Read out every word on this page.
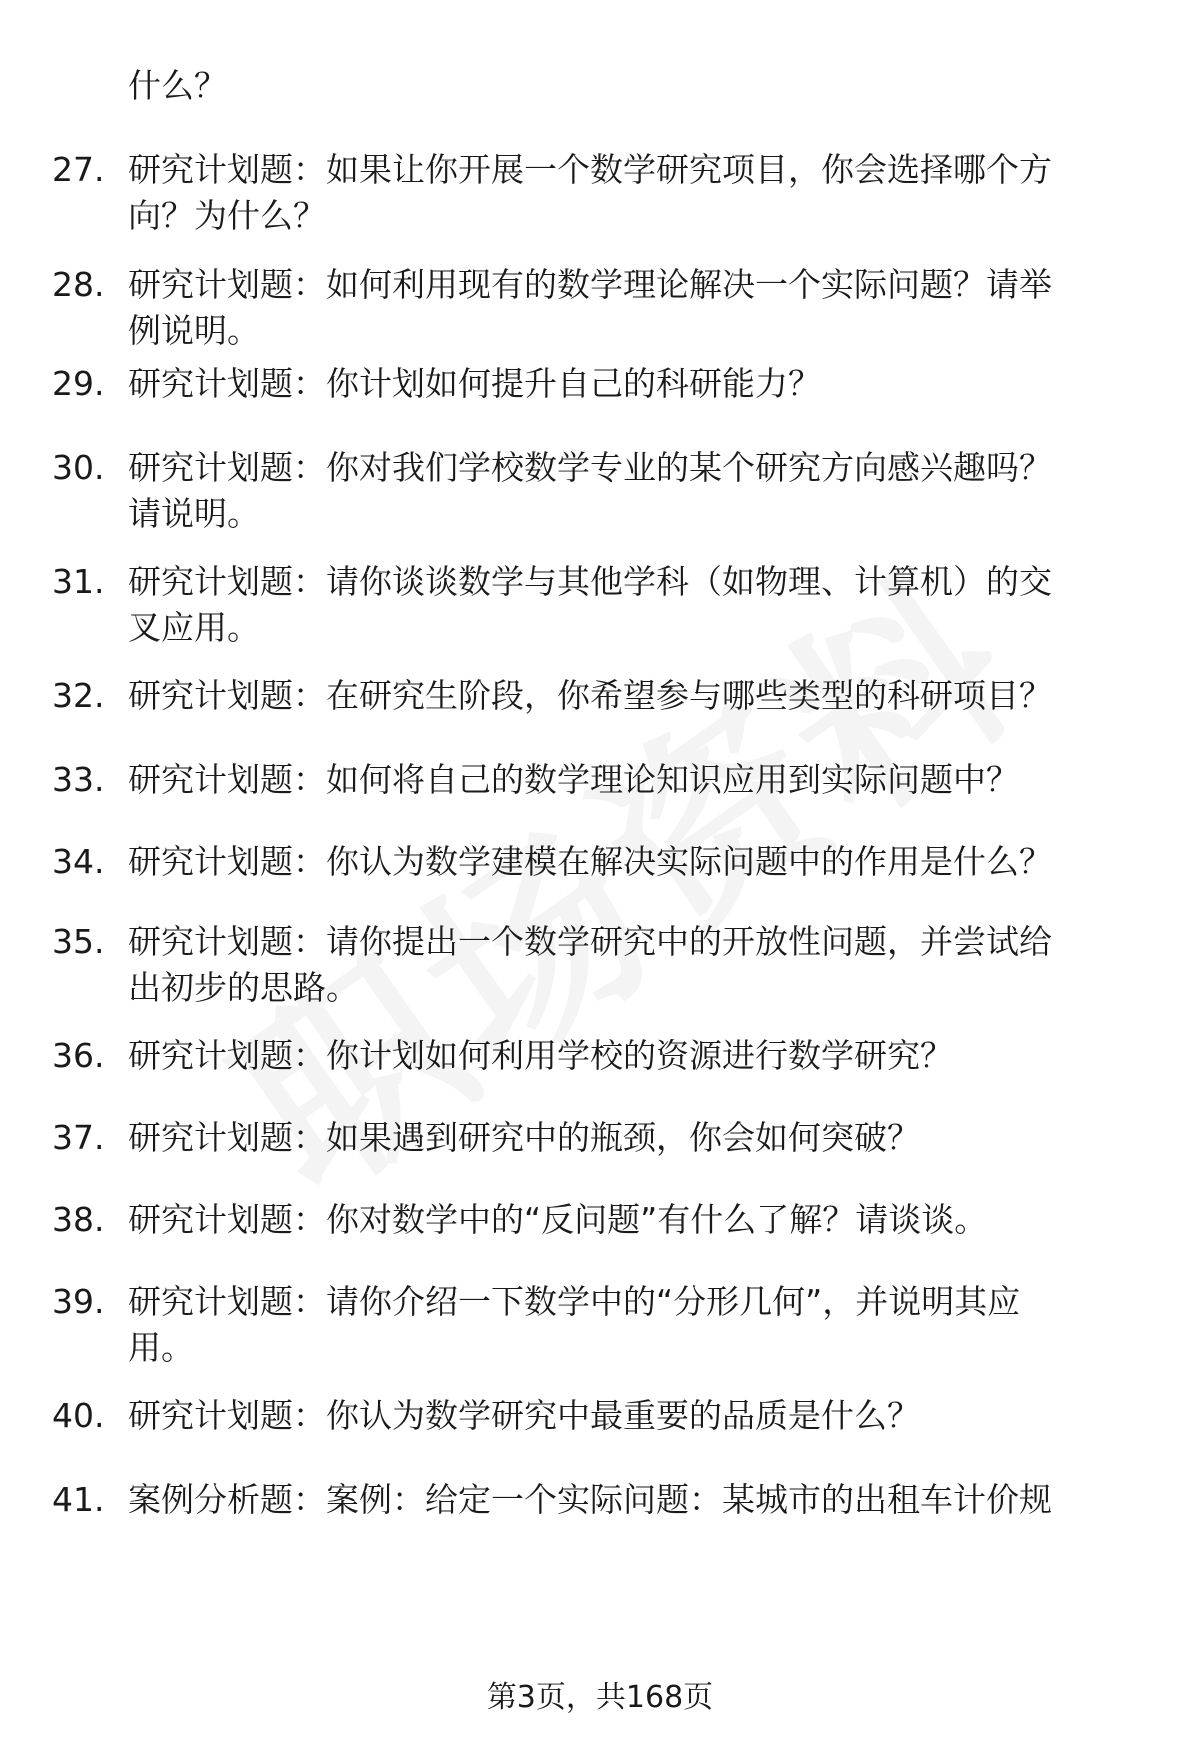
什么？
27. 研究计划题：如果让你开展一个数学研究项目，你会选择哪个方
向？为什么？
28. 研究计划题：如何利用现有的数学理论解决一个实际问题？请举
例说明。
29. 研究计划题：你计划如何提升自己的科研能力？
30. 研究计划题：你对我们学校数学专业的某个研究方向感兴趣吗？
请说明。
31. 研究计划题：请你谈谈数学与其他学科（如物理、计算机）的交
叉应用。
32. 研究计划题：在研究生阶段，你希望参与哪些类型的科研项目？
33. 研究计划题：如何将自己的数学理论知识应用到实际问题中？
34. 研究计划题：你认为数学建模在解决实际问题中的作用是什么？
35. 研究计划题：请你提出一个数学研究中的开放性问题，并尝试给
出初步的思路。
36. 研究计划题：你计划如何利用学校的资源进行数学研究？
37. 研究计划题：如果遇到研究中的瓶颈，你会如何突破？
38. 研究计划题：你对数学中的“反问题”有什么了解？请谈谈。
39. 研究计划题：请你介绍一下数学中的“分形几何”，并说明其应
用。
40. 研究计划题：你认为数学研究中最重要的品质是什么？
41. 案例分析题：案例：给定一个实际问题：某城市的出租车计价规
第3页，共168页
